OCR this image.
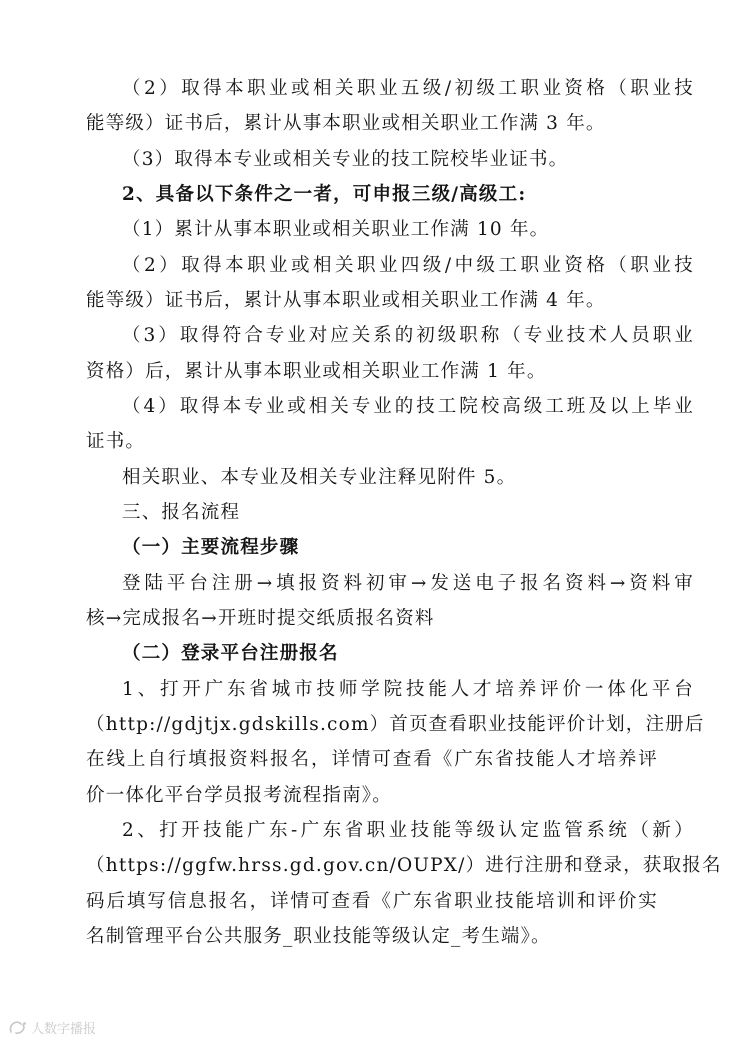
（2）取得本职业或相关职业五级/初级工职业资格（职业技
能等级）证书后，累计从事本职业或相关职业工作满 3 年。
（3）取得本专业或相关专业的技工院校毕业证书。
2、具备以下条件之一者，可申报三级/高级工:
（1）累计从事本职业或相关职业工作满 10 年。
（2）取得本职业或相关职业四级/中级工职业资格（职业技
能等级）证书后，累计从事本职业或相关职业工作满 4 年。
（3）取得符合专业对应关系的初级职称（专业技术人员职业
资格）后，累计从事本职业或相关职业工作满 1 年。
（4）取得本专业或相关专业的技工院校高级工班及以上毕业
证书。
相关职业、本专业及相关专业注释见附件 5。
三、报名流程
（一）主要流程步骤
登陆平台注册→填报资料初审→发送电子报名资料→资料审
核→完成报名→开班时提交纸质报名资料
（二）登录平台注册报名
1、打开广东省城市技师学院技能人才培养评价一体化平台
（http://gdjtjx.gdskills.com）首页查看职业技能评价计划，注册后
在线上自行填报资料报名，详情可查看《广东省技能人才培养评
价一体化平台学员报考流程指南》。
2、打开技能广东-广东省职业技能等级认定监管系统（新）
（https://ggfw.hrss.gd.gov.cn/OUPX/）进行注册和登录，获取报名
码后填写信息报名，详情可查看《广东省职业技能培训和评价实
名制管理平台公共服务_职业技能等级认定_考生端》。
人数字播报
